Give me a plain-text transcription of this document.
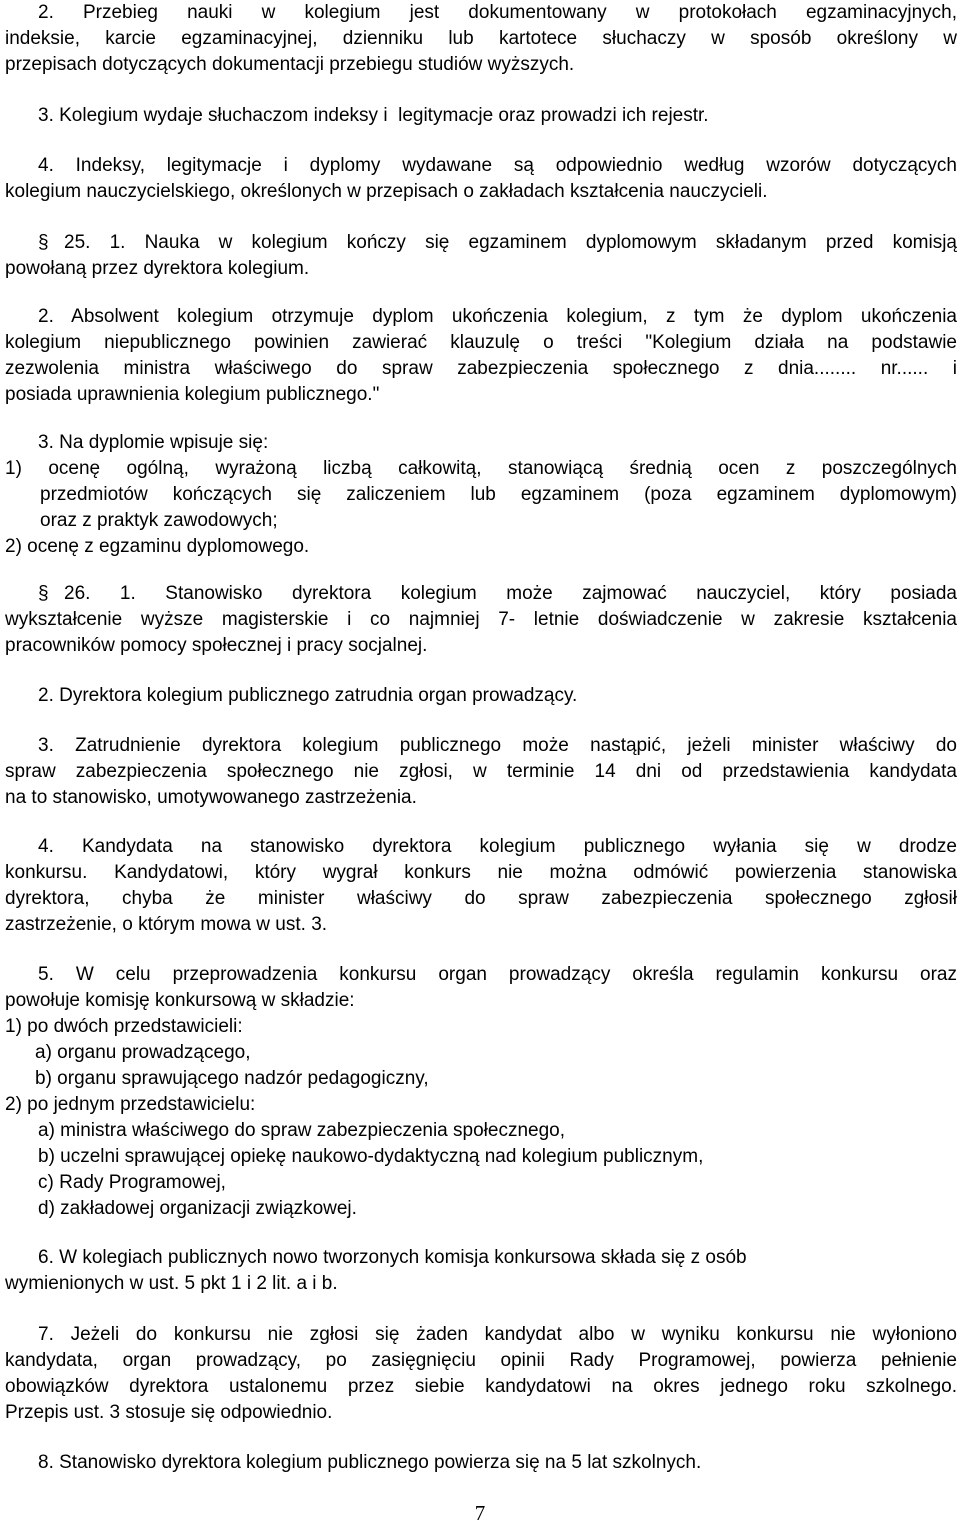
2. Przebieg nauki w kolegium jest dokumentowany w protokołach egzaminacyjnych,
indeksie, karcie egzaminacyjnej, dzienniku lub kartotece słuchaczy w sposób określony w
przepisach dotyczących dokumentacji przebiegu studiów wyższych.
3. Kolegium wydaje słuchaczom indeksy i  legitymacje oraz prowadzi ich rejestr.
4. Indeksy, legitymacje i dyplomy wydawane są odpowiednio według wzorów dotyczących
kolegium nauczycielskiego, określonych w przepisach o zakładach kształcenia nauczycieli.
§ 25. 1. Nauka w kolegium kończy się egzaminem dyplomowym składanym przed komisją
powołaną przez dyrektora kolegium.
2. Absolwent kolegium otrzymuje dyplom ukończenia kolegium, z tym że dyplom ukończenia
kolegium niepublicznego powinien zawierać klauzulę o treści "Kolegium działa na podstawie
zezwolenia ministra właściwego do spraw zabezpieczenia społecznego z dnia........ nr...... i
posiada uprawnienia kolegium publicznego."
3. Na dyplomie wpisuje się:
1) ocenę ogólną, wyrażoną liczbą całkowitą, stanowiącą średnią ocen z poszczególnych
przedmiotów kończących się zaliczeniem lub egzaminem (poza egzaminem dyplomowym)
oraz z praktyk zawodowych;
2) ocenę z egzaminu dyplomowego.
§ 26. 1. Stanowisko dyrektora kolegium może zajmować nauczyciel, który posiada
wykształcenie wyższe magisterskie i co najmniej 7- letnie doświadczenie w zakresie kształcenia
pracowników pomocy społecznej i pracy socjalnej.
2. Dyrektora kolegium publicznego zatrudnia organ prowadzący.
3. Zatrudnienie dyrektora kolegium publicznego może nastąpić, jeżeli minister właściwy do
spraw zabezpieczenia społecznego nie zgłosi, w terminie 14 dni od przedstawienia kandydata
na to stanowisko, umotywowanego zastrzeżenia.
4. Kandydata na stanowisko dyrektora kolegium publicznego wyłania się w drodze
konkursu. Kandydatowi, który wygrał konkurs nie można odmówić powierzenia stanowiska
dyrektora, chyba że minister właściwy do spraw zabezpieczenia społecznego zgłosił
zastrzeżenie, o którym mowa w ust. 3.
5. W celu przeprowadzenia konkursu organ prowadzący określa regulamin konkursu oraz
powołuje komisję konkursową w składzie:
1) po dwóch przedstawicieli:
a) organu prowadzącego,
b) organu sprawującego nadzór pedagogiczny,
2) po jednym przedstawicielu:
a) ministra właściwego do spraw zabezpieczenia społecznego,
b) uczelni sprawującej opiekę naukowo-dydaktyczną nad kolegium publicznym,
c) Rady Programowej,
d) zakładowej organizacji związkowej.
6. W kolegiach publicznych nowo tworzonych komisja konkursowa składa się z osób
wymienionych w ust. 5 pkt 1 i 2 lit. a i b.
7. Jeżeli do konkursu nie zgłosi się żaden kandydat albo w wyniku konkursu nie wyłoniono
kandydata, organ prowadzący, po zasięgnięciu opinii Rady Programowej, powierza pełnienie
obowiązków dyrektora ustalonemu przez siebie kandydatowi na okres jednego roku szkolnego.
Przepis ust. 3 stosuje się odpowiednio.
8. Stanowisko dyrektora kolegium publicznego powierza się na 5 lat szkolnych.
7
